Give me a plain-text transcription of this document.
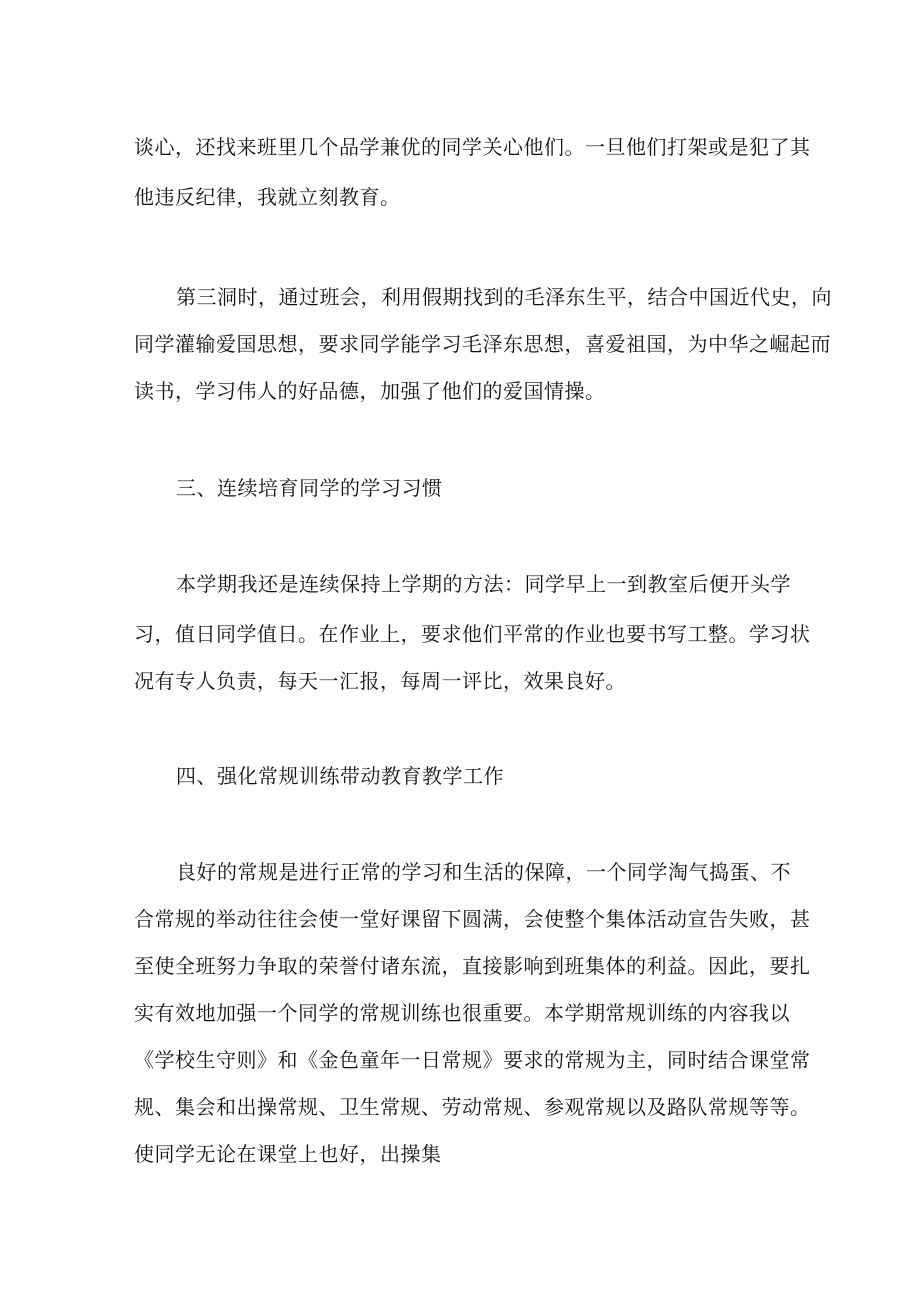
谈心，还找来班里几个品学兼优的同学关心他们。一旦他们打架或是犯了其

他违反纪律，我就立刻教育。

第三洞时，通过班会，利用假期找到的毛泽东生平，结合中国近代史，向

同学灌输爱国思想，要求同学能学习毛泽东思想，喜爱祖国，为中华之崛起而

读书，学习伟人的好品德，加强了他们的爱国情操。

三、连续培育同学的学习习惯

本学期我还是连续保持上学期的方法：同学早上一到教室后便开头学

习，值日同学值日。在作业上，要求他们平常的作业也要书写工整。学习状

况有专人负责，每天一汇报，每周一评比，效果良好。

四、强化常规训练带动教育教学工作

良好的常规是进行正常的学习和生活的保障，一个同学淘气捣蛋、不

合常规的举动往往会使一堂好课留下圆满，会使整个集体活动宣告失败，甚

至使全班努力争取的荣誉付诸东流，直接影响到班集体的利益。因此，要扎

实有效地加强一个同学的常规训练也很重要。本学期常规训练的内容我以

《学校生守则》和《金色童年一日常规》要求的常规为主，同时结合课堂常

规、集会和出操常规、卫生常规、劳动常规、参观常规以及路队常规等等。

使同学无论在课堂上也好，出操集
